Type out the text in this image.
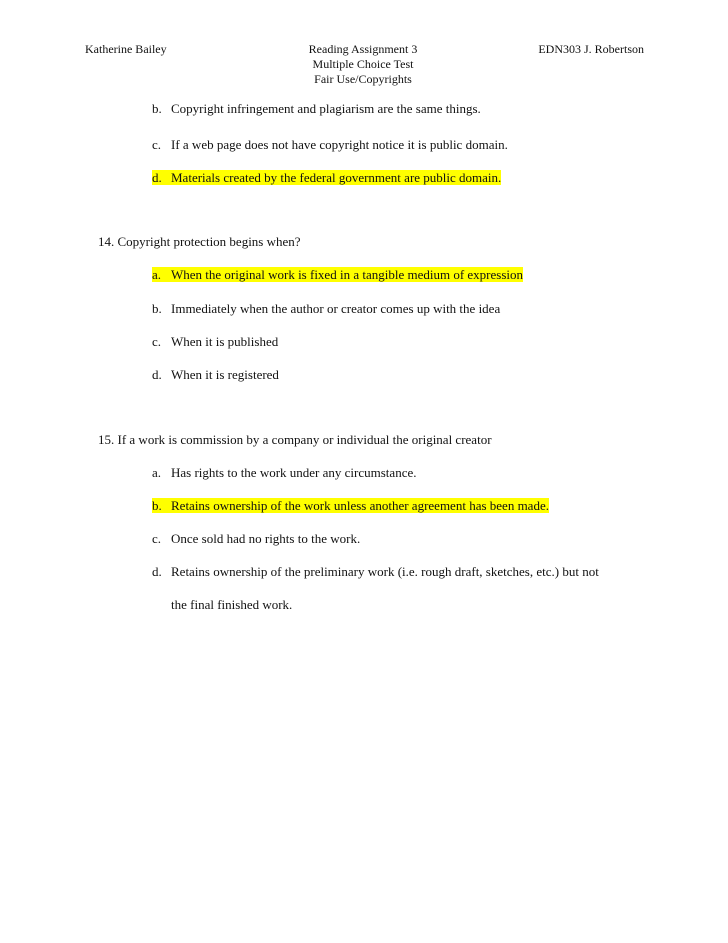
Katherine Bailey	Reading Assignment 3
Multiple Choice Test
Fair Use/Copyrights
EDN303 J. Robertson
b. Copyright infringement and plagiarism are the same things.
c. If a web page does not have copyright notice it is public domain.
d. Materials created by the federal government are public domain.
14. Copyright protection begins when?
a. When the original work is fixed in a tangible medium of expression
b. Immediately when the author or creator comes up with the idea
c. When it is published
d. When it is registered
15. If a work is commission by a company or individual the original creator
a. Has rights to the work under any circumstance.
b. Retains ownership of the work unless another agreement has been made.
c. Once sold had no rights to the work.
d. Retains ownership of the preliminary work (i.e. rough draft, sketches, etc.) but not
the final finished work.
